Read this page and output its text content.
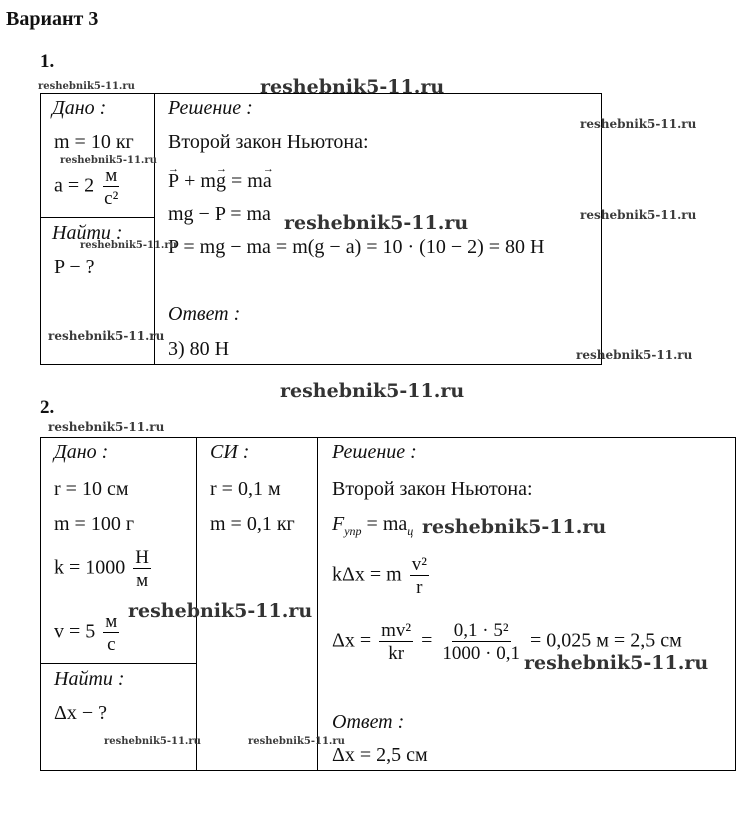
Вариант 3
1.
Дано :
m = 10 кг
$a = 2 \frac{м}{\text{с²}}$
Найти :
P − ?
Решение :
Второй закон Ньютона:
→ P + m→ g = m→ a
mg − P = ma
P = mg − ma = m(g − a) = 10 · (10 − 2) = 80 Н
Ответ :
3) 80 Н
2.
Дано :
r = 10 см
m = 100 г
$k = 1000 \frac{Н}{м}$
$v = 5 \frac{м}{с}$
Найти :
Δx − ?
СИ :
r = 0,1 м
m = 0,1 кг
Решение :
Второй закон Ньютона:
$F_{упр} = ma_ц$
kΔx = m $\frac{\text{v²}}{r}$
$\Delta x = \frac{\text{mv²}}{kr} = \frac{\text{0,1 · 5²}}{1000 \cdot 0,1} = 0,025$ м = 2,5 см
Ответ :
Δx = 2,5 см
reshebnik5-11.ru	reshebnik5-11.ru
reshebnik5-11.ru
reshebnik5-11.ru
reshebnik5-11.ru	reshebnik5-11.ru
reshebnik5-11.ru
reshebnik5-11.ru
reshebnik5-11.ru
reshebnik5-11.ru
reshebnik5-11.ru
reshebnik5-11.ru
reshebnik5-11.ru
reshebnik5-11.ru
reshebnik5-11.ru	reshebnik5-11.ru
